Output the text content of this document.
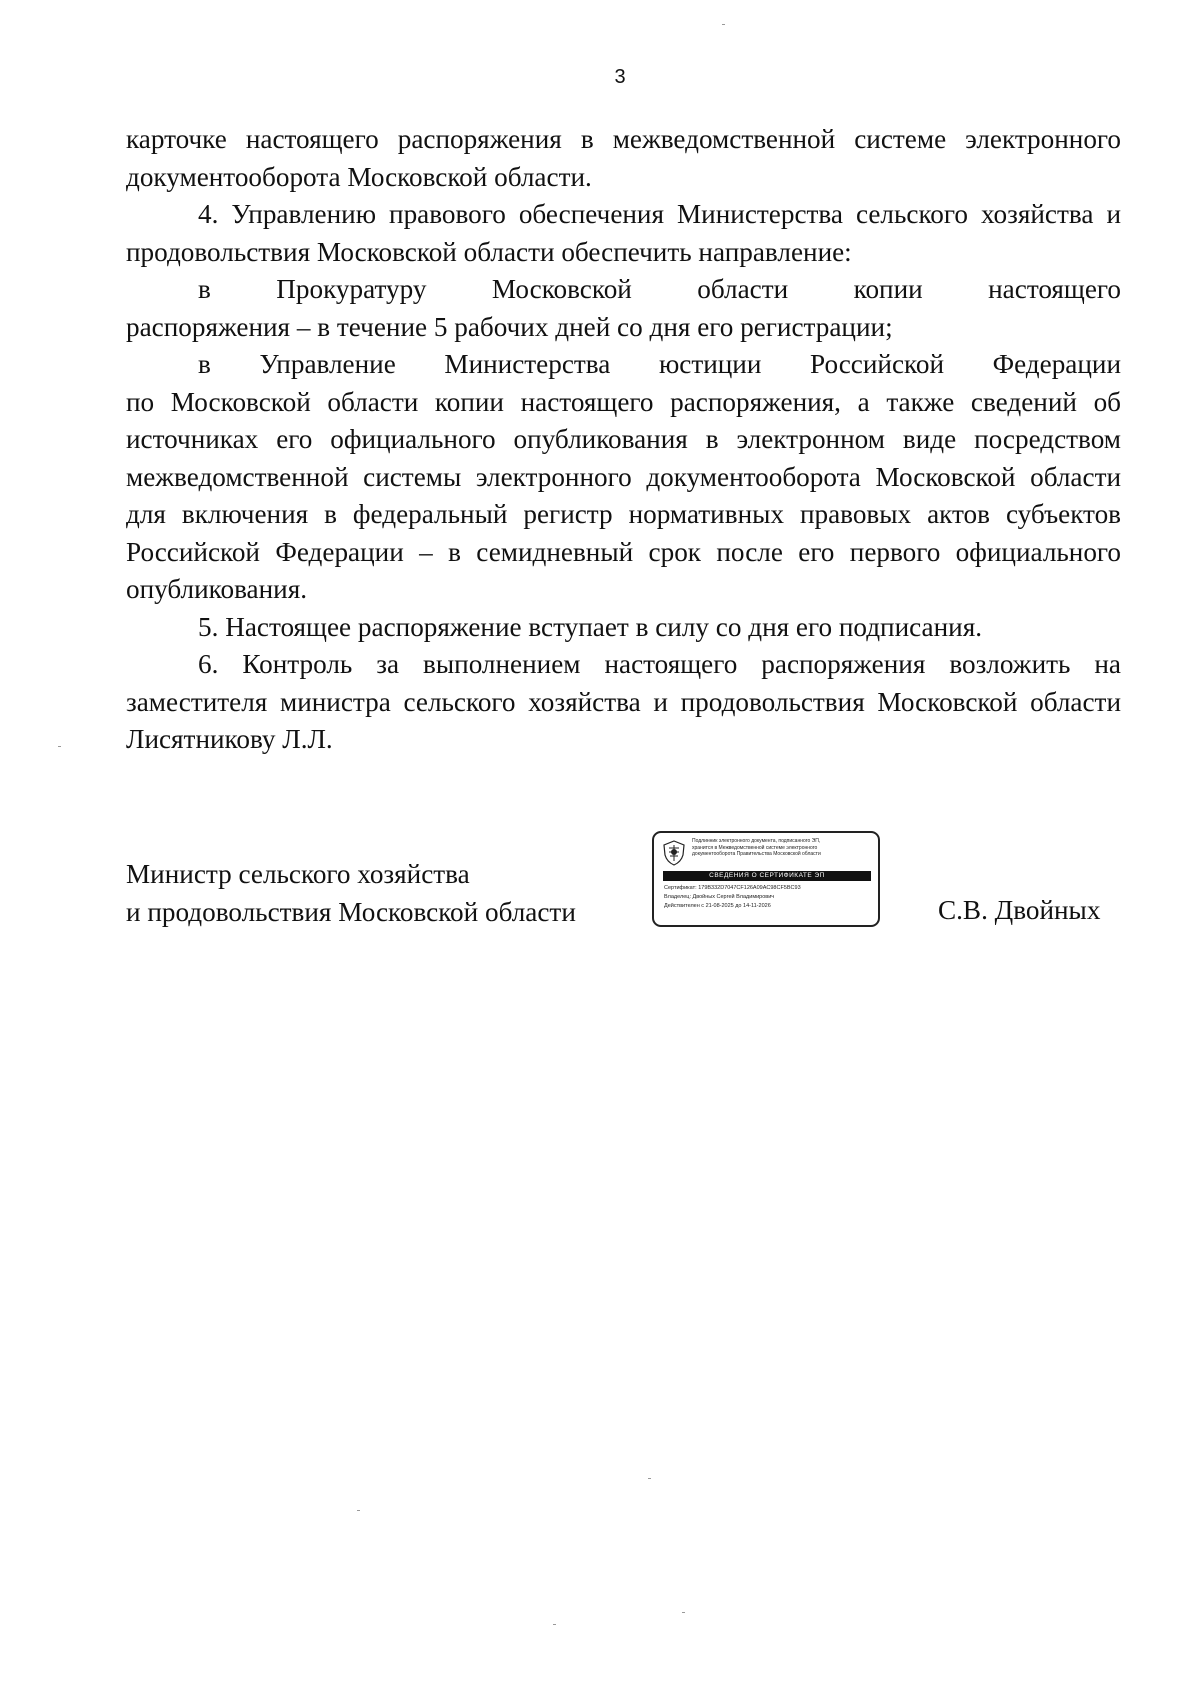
3

карточке настоящего распоряжения в межведомственной системе электронного документооборота Московской области.

4. Управлению правового обеспечения Министерства сельского хозяйства и продовольствия Московской области обеспечить направление:

в Прокуратуру Московской области копии настоящего

распоряжения – в течение 5 рабочих дней со дня его регистрации;

в Управление Министерства юстиции Российской Федерации

по Московской области копии настоящего распоряжения, а также сведений об источниках его официального опубликования в электронном виде посредством межведомственной системы электронного документооборота Московской области для включения в федеральный регистр нормативных правовых актов субъектов Российской Федерации – в семидневный срок после его первого официального опубликования.

5. Настоящее распоряжение вступает в силу со дня его подписания.

6. Контроль за выполнением настоящего распоряжения возложить на заместителя министра сельского хозяйства и продовольствия Московской области Лисятникову Л.Л.

Министр сельского хозяйства
и продовольствия Московской области
Подлинник электронного документа, подписанного ЭП,
хранится в Межведомственной системе электронного
документооборота Правительства Московской области
СВЕДЕНИЯ О СЕРТИФИКАТЕ ЭП
Сертификат: 179B332D7047CF126A09AC98CF5BC93
Владелец: Двойных Сергей Владимирович
Действителен с 21-08-2025 до 14-11-2026	С.В. Двойных
